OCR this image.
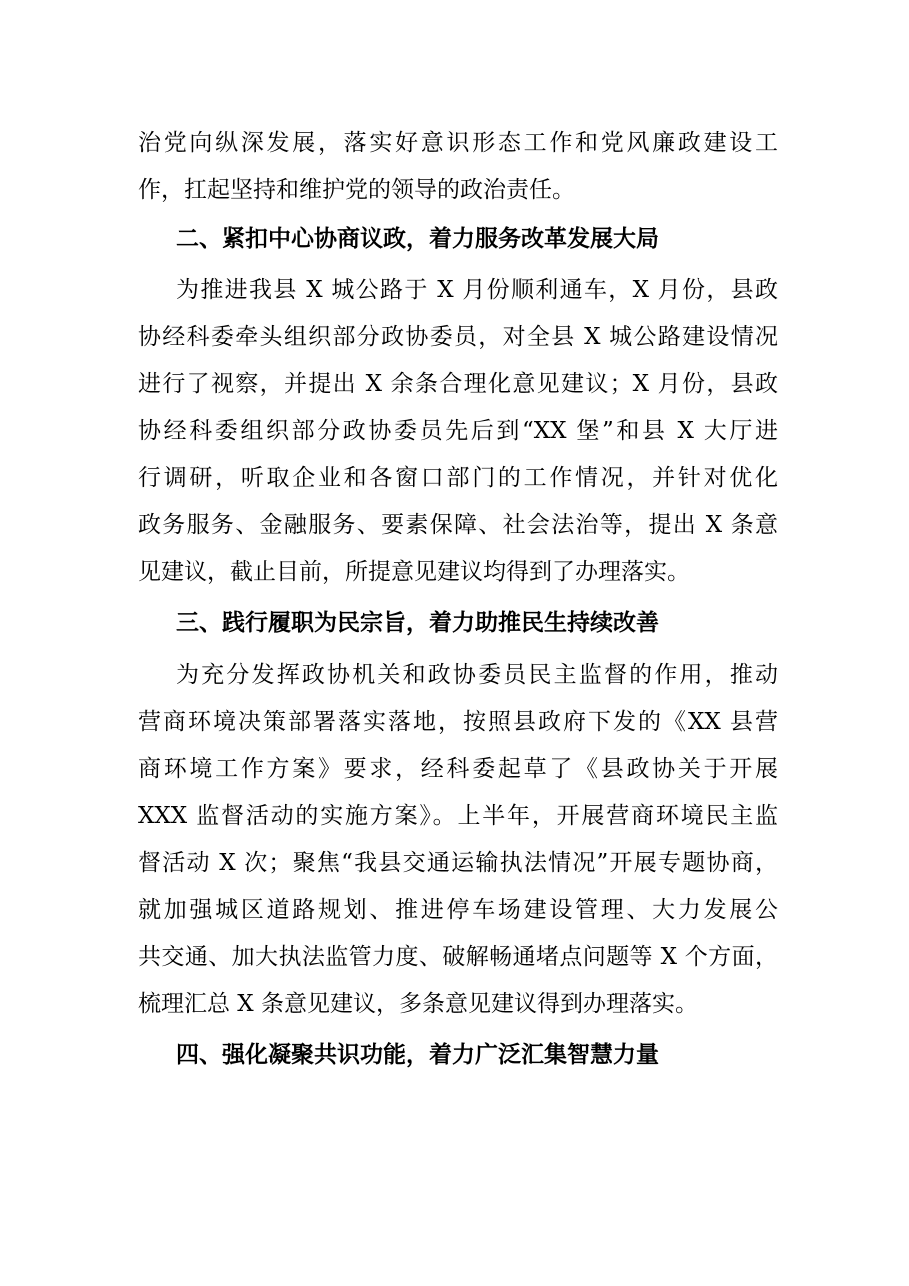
治党向纵深发展，落实好意识形态工作和党风廉政建设工
作，扛起坚持和维护党的领导的政治责任。
二、紧扣中心协商议政，着力服务改革发展大局
为推进我县 X 城公路于 X 月份顺利通车，X 月份，县政
协经科委牵头组织部分政协委员，对全县 X 城公路建设情况
进行了视察，并提出 X 余条合理化意见建议；X 月份，县政
协经科委组织部分政协委员先后到“XX 堡”和县 X 大厅进
行调研，听取企业和各窗口部门的工作情况，并针对优化
政务服务、金融服务、要素保障、社会法治等，提出 X 条意
见建议，截止目前，所提意见建议均得到了办理落实。
三、践行履职为民宗旨，着力助推民生持续改善
为充分发挥政协机关和政协委员民主监督的作用，推动
营商环境决策部署落实落地，按照县政府下发的《XX 县营
商环境工作方案》要求，经科委起草了《县政协关于开展
XXX 监督活动的实施方案》。上半年，开展营商环境民主监
督活动 X 次；聚焦“我县交通运输执法情况”开展专题协商，
就加强城区道路规划、推进停车场建设管理、大力发展公
共交通、加大执法监管力度、破解畅通堵点问题等 X 个方面，
梳理汇总 X 条意见建议，多条意见建议得到办理落实。
四、强化凝聚共识功能，着力广泛汇集智慧力量
